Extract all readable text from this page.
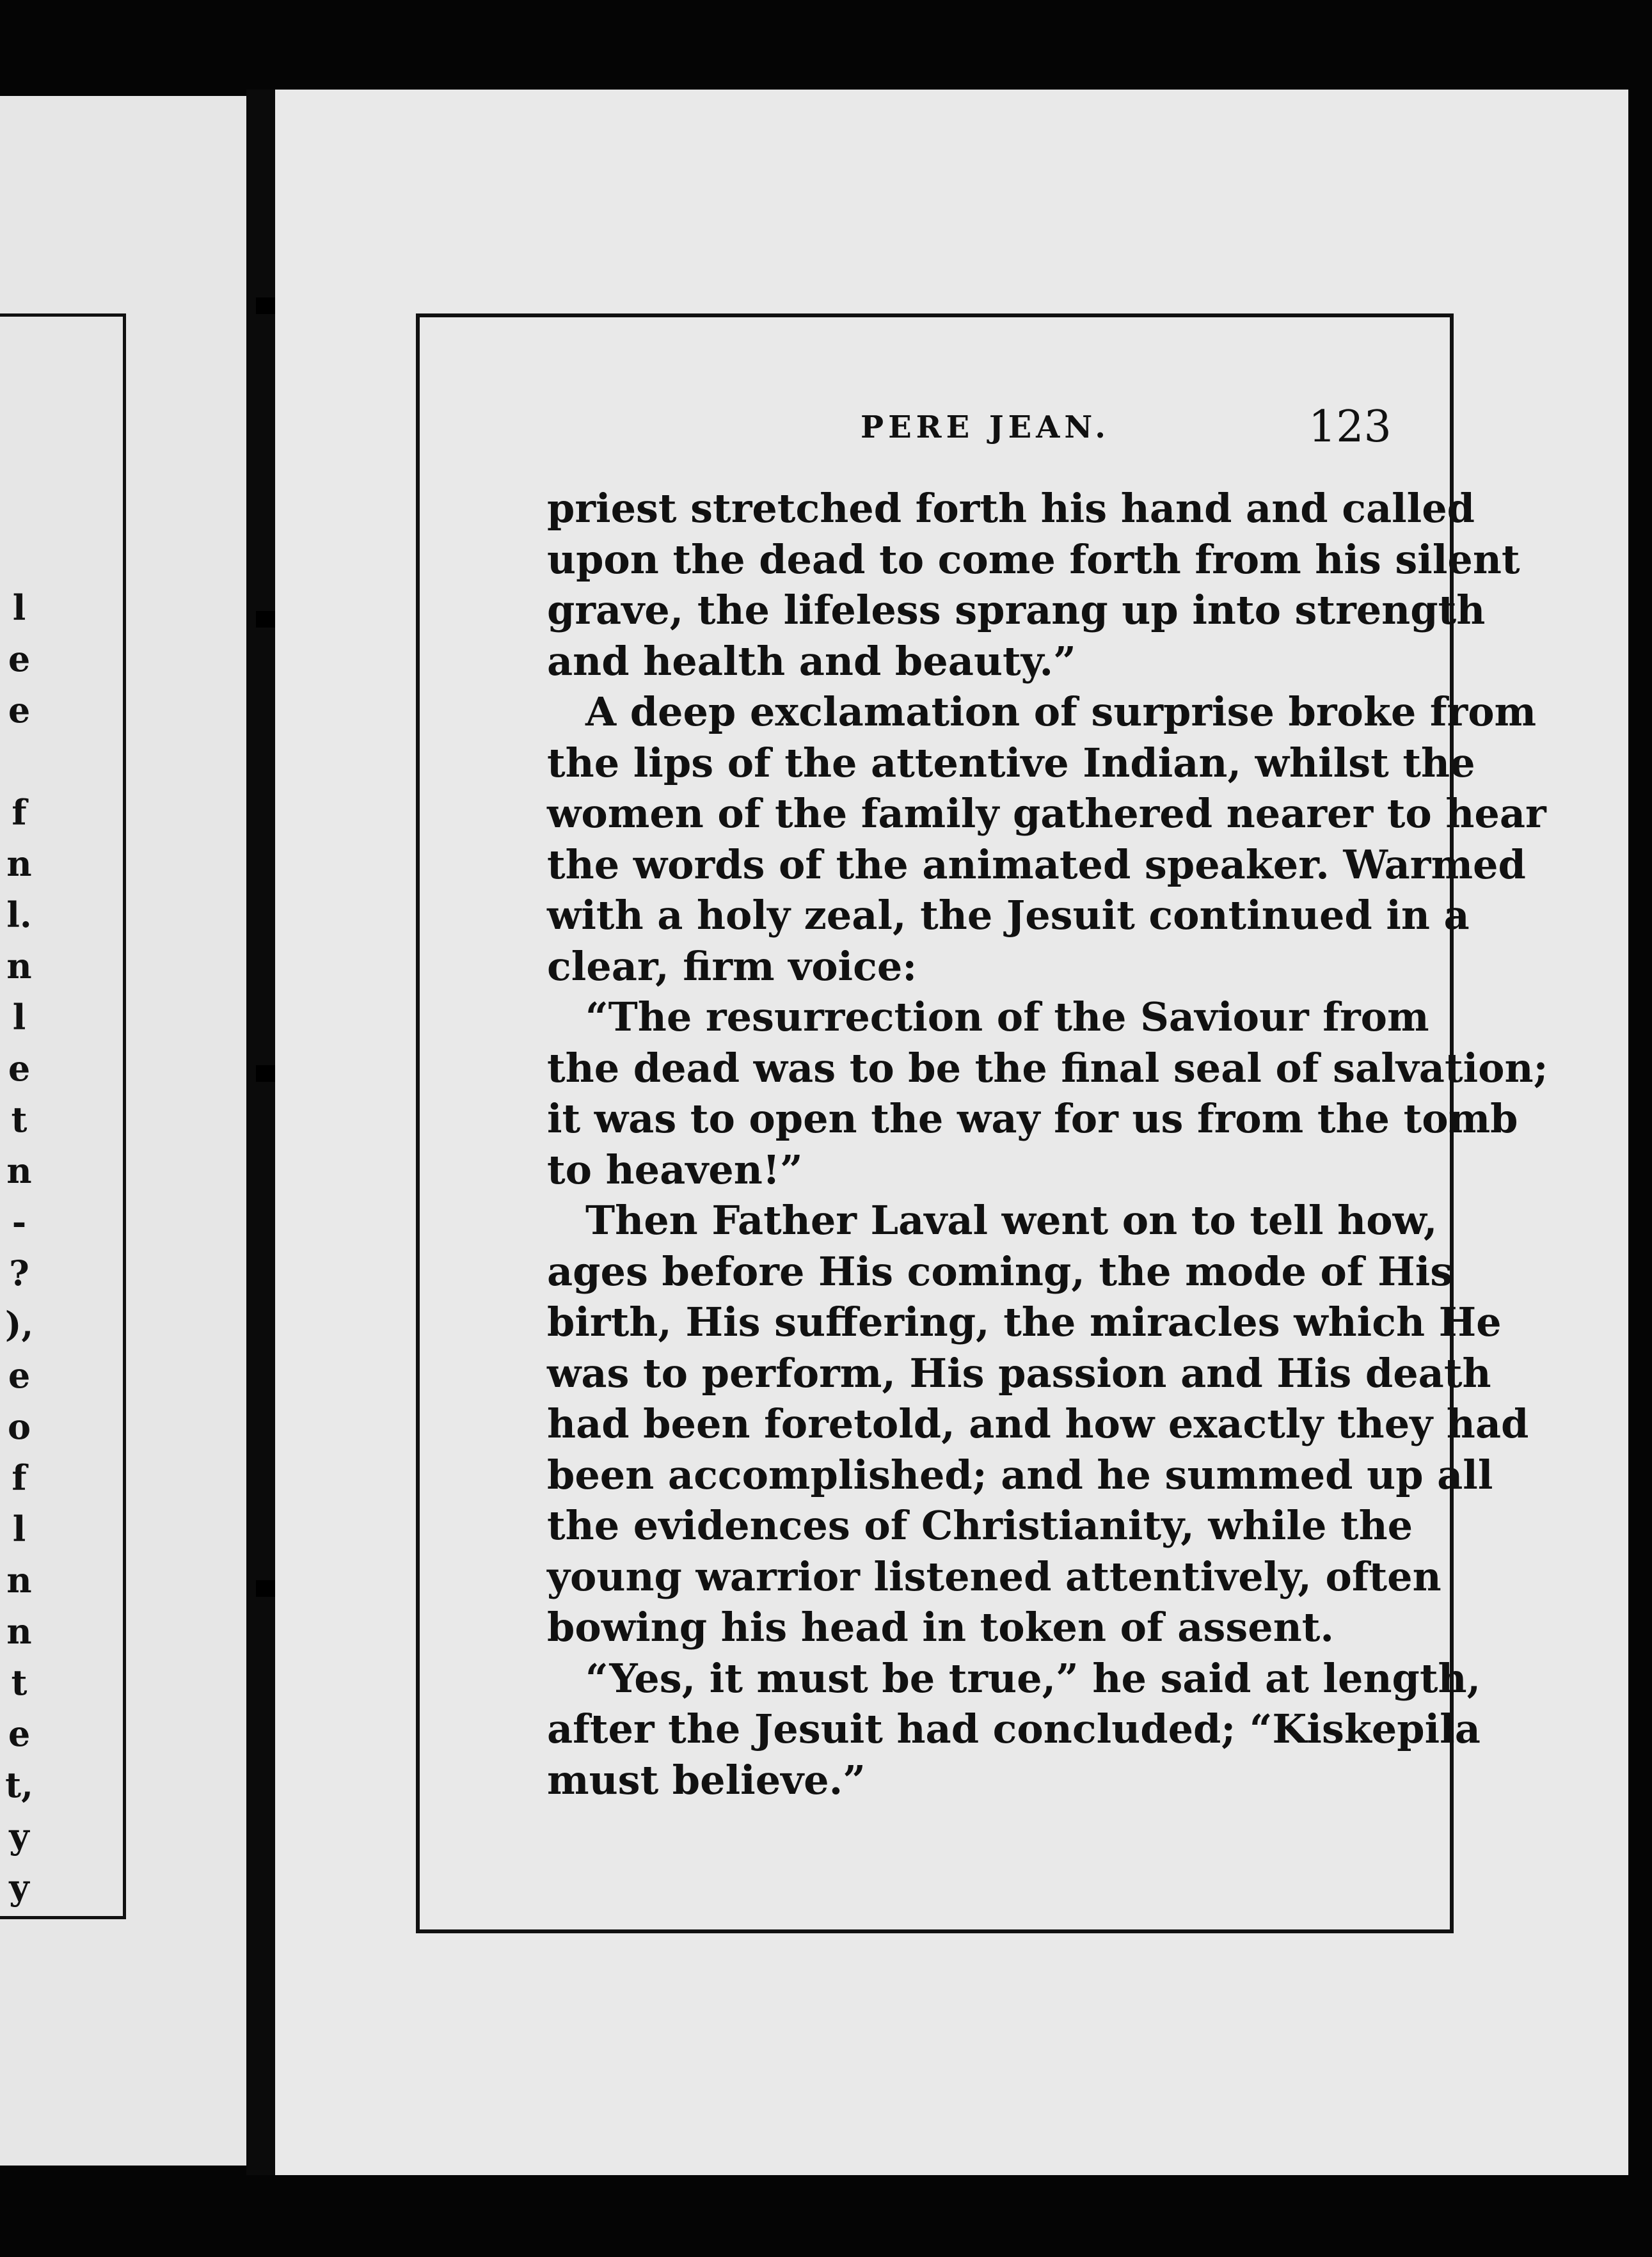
l
e
e
f
n
l.
n
l
e
t
n
-
?
),
e
o
f
l
n
n
t
e
t,
y
y
PERE JEAN.	123
priest stretched forth his hand and called
upon the dead to come forth from his silent
grave, the lifeless sprang up into strength
and health and beauty.”
A deep exclamation of surprise broke from
the lips of the attentive Indian, whilst the
women of the family gathered nearer to hear
the words of the animated speaker. Warmed
with a holy zeal, the Jesuit continued in a
clear, firm voice:
“The resurrection of the Saviour from
the dead was to be the final seal of salvation;
it was to open the way for us from the tomb
to heaven!”
Then Father Laval went on to tell how,
ages before His coming, the mode of His
birth, His suffering, the miracles which He
was to perform, His passion and His death
had been foretold, and how exactly they had
been accomplished; and he summed up all
the evidences of Christianity, while the
young warrior listened attentively, often
bowing his head in token of assent.
“Yes, it must be true,” he said at length,
after the Jesuit had concluded; “Kiskepila
must believe.”
